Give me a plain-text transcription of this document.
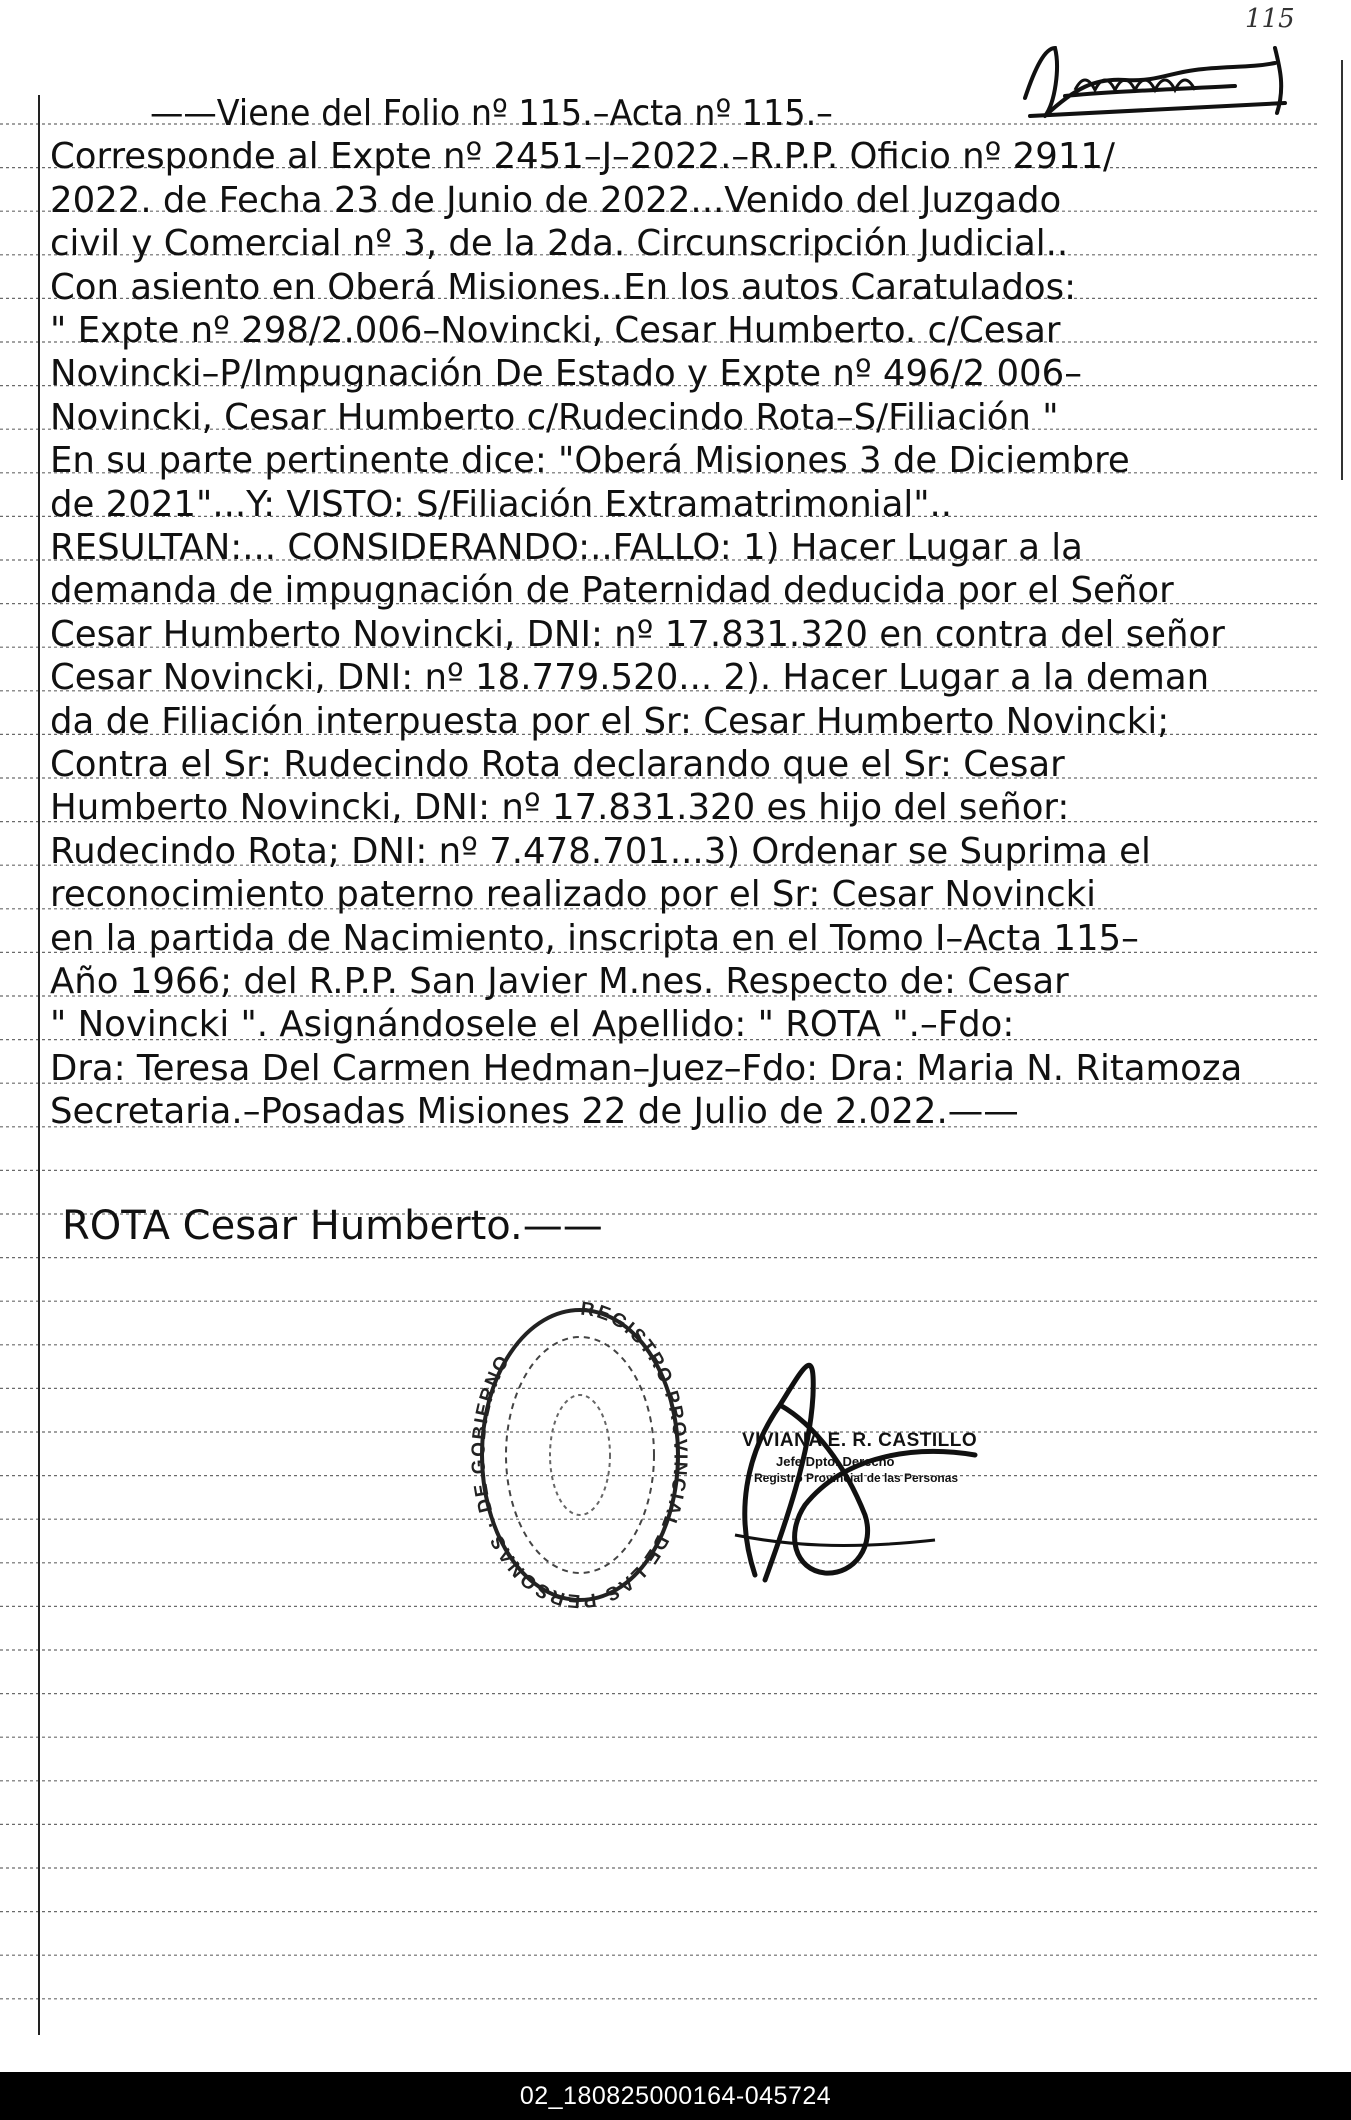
115
——Viene del Folio nº 115.–Acta nº 115.–
Corresponde al Expte nº 2451–J–2022.–R.P.P. Oficio nº 2911/
2022. de Fecha 23 de Junio de 2022...Venido del Juzgado
civil y Comercial nº 3, de la 2da. Circunscripción Judicial..
Con asiento en Oberá Misiones..En los autos Caratulados:
" Expte nº 298/2.006–Novincki, Cesar Humberto. c/Cesar
Novincki–P/Impugnación De Estado y Expte nº 496/2 006–
Novincki, Cesar Humberto c/Rudecindo Rota–S/Filiación "
En su parte pertinente dice: "Oberá Misiones 3 de Diciembre
de 2021"...Y: VISTO: S/Filiación Extramatrimonial"..
RESULTAN:... CONSIDERANDO:..FALLO: 1) Hacer Lugar a la
demanda de impugnación de Paternidad deducida por el Señor
Cesar Humberto Novincki, DNI: nº 17.831.320 en contra del señor
Cesar Novincki, DNI: nº 18.779.520... 2). Hacer Lugar a la deman
da de Filiación interpuesta por el Sr: Cesar Humberto Novincki;
Contra el Sr: Rudecindo Rota declarando que el Sr: Cesar
Humberto Novincki, DNI: nº 17.831.320 es hijo del señor:
Rudecindo Rota; DNI: nº 7.478.701...3) Ordenar se Suprima el
reconocimiento paterno realizado por el Sr: Cesar Novincki
en la partida de Nacimiento, inscripta en el Tomo I–Acta 115–
Año 1966; del R.P.P. San Javier M.nes. Respecto de: Cesar
" Novincki ". Asignándosele el Apellido: " ROTA ".–Fdo:
Dra: Teresa Del Carmen Hedman–Juez–Fdo: Dra: Maria N. Ritamoza
Secretaria.–Posadas Misiones 22 de Julio de 2.022.——
ROTA Cesar Humberto.——
REGISTRO PROVINCIAL DE LAS PERSONAS · DE GOBIERNO
VIVIANA E. R. CASTILLO
Jefe Dpto. Derecho
Registro Provincial de las Personas
02_180825000164-045724
